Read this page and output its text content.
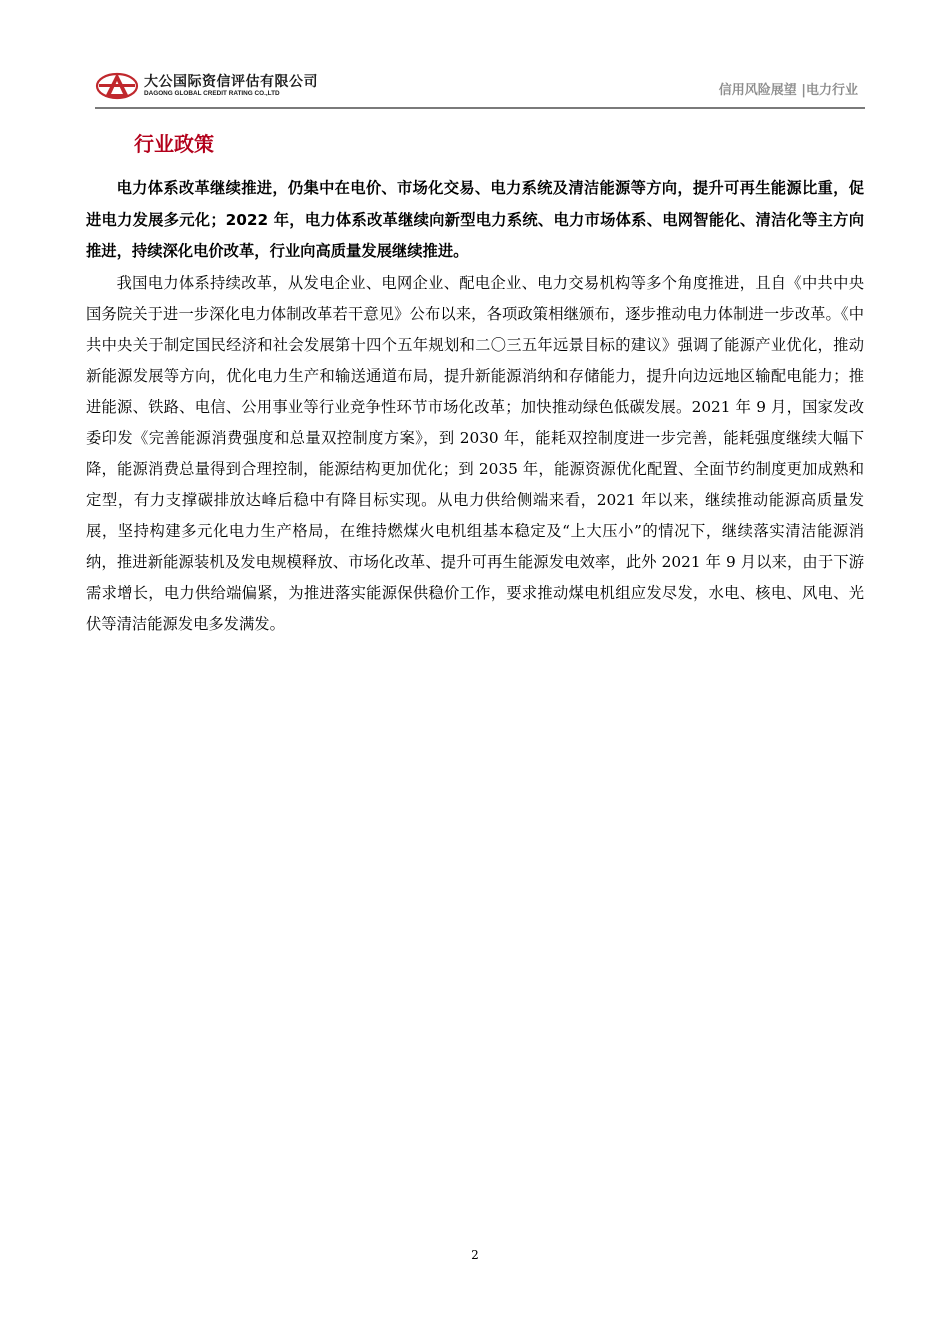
大公国际资信评估有限公司
DAGONG GLOBAL CREDIT RATING CO.,LTD	信用风险展望 |电力行业
行业政策

电力体系改革继续推进，仍集中在电价、市场化交易、电力系统及清洁能源等方向，提升可再生能源比重，促进电力发展多元化；2022 年，电力体系改革继续向新型电力系统、电力市场体系、电网智能化、清洁化等主方向推进，持续深化电价改革，行业向高质量发展继续推进。

我国电力体系持续改革，从发电企业、电网企业、配电企业、电力交易机构等多个角度推进，且自《中共中央国务院关于进一步深化电力体制改革若干意见》公布以来，各项政策相继颁布，逐步推动电力体制进一步改革。《中共中央关于制定国民经济和社会发展第十四个五年规划和二〇三五年远景目标的建议》强调了能源产业优化，推动新能源发展等方向，优化电力生产和输送通道布局，提升新能源消纳和存储能力，提升向边远地区输配电能力；推进能源、铁路、电信、公用事业等行业竞争性环节市场化改革；加快推动绿色低碳发展。2021 年 9 月，国家发改委印发《完善能源消费强度和总量双控制度方案》，到 2030 年，能耗双控制度进一步完善，能耗强度继续大幅下降，能源消费总量得到合理控制，能源结构更加优化；到 2035 年，能源资源优化配置、全面节约制度更加成熟和定型，有力支撑碳排放达峰后稳中有降目标实现。从电力供给侧端来看，2021 年以来，继续推动能源高质量发展，坚持构建多元化电力生产格局，在维持燃煤火电机组基本稳定及“上大压小”的情况下，继续落实清洁能源消纳，推进新能源装机及发电规模释放、市场化改革、提升可再生能源发电效率，此外 2021 年 9 月以来，由于下游需求增长，电力供给端偏紧，为推进落实能源保供稳价工作，要求推动煤电机组应发尽发，水电、核电、风电、光伏等清洁能源发电多发满发。

2
